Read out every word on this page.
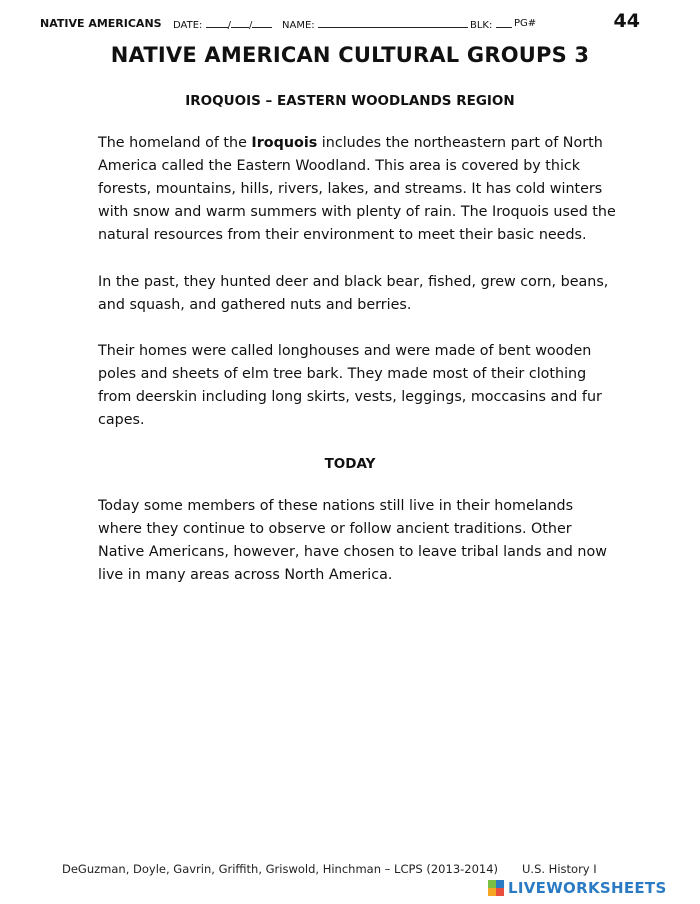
NATIVE AMERICANS DATE:	/ /	NAME:	BLK:	PG#	44
NATIVE AMERICAN CULTURAL GROUPS 3
IROQUOIS – EASTERN WOODLANDS REGION

The homeland of the Iroquois includes the northeastern part of North America called the Eastern Woodland. This area is covered by thick forests, mountains, hills, rivers, lakes, and streams. It has cold winters with snow and warm summers with plenty of rain. The Iroquois used the natural resources from their environment to meet their basic needs.

In the past, they hunted deer and black bear, fished, grew corn, beans, and squash, and gathered nuts and berries.

Their homes were called longhouses and were made of bent wooden poles and sheets of elm tree bark. They made most of their clothing from deerskin including long skirts, vests, leggings, moccasins and fur capes.

TODAY

Today some members of these nations still live in their homelands where they continue to observe or follow ancient traditions. Other Native Americans, however, have chosen to leave tribal lands and now live in many areas across North America.

DeGuzman, Doyle, Gavrin, Griffith, Griswold, Hinchman – LCPS (2013-2014) U.S. History I
LIVEWORKSHEETS
